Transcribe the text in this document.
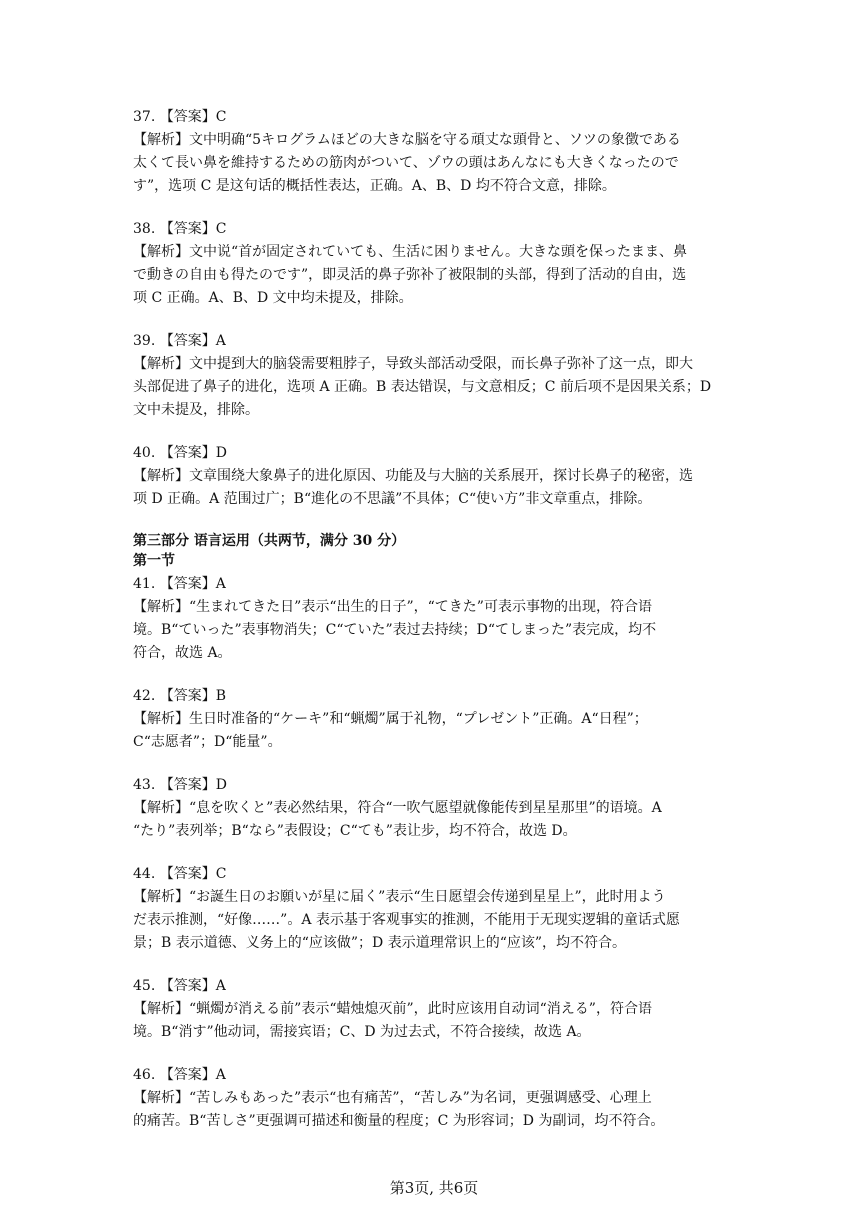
37. 【答案】C
【解析】文中明确“5キログラムほどの大きな脳を守る頑丈な頭骨と、ソツの象徴である
太くて長い鼻を維持するための筋肉がついて、ゾウの頭はあんなにも大きくなったので
す”，选项 C 是这句话的概括性表达，正确。A、B、D 均不符合文意，排除。
38. 【答案】C
【解析】文中说“首が固定されていても、生活に困りません。大きな頭を保ったまま、鼻
で動きの自由も得たのです”，即灵活的鼻子弥补了被限制的头部，得到了活动的自由，选
项 C 正确。A、B、D 文中均未提及，排除。
39. 【答案】A
【解析】文中提到大的脑袋需要粗脖子，导致头部活动受限，而长鼻子弥补了这一点，即大
头部促进了鼻子的进化，选项 A 正确。B 表达错误，与文意相反；C 前后项不是因果关系；D
文中未提及，排除。
40. 【答案】D
【解析】文章围绕大象鼻子的进化原因、功能及与大脑的关系展开，探讨长鼻子的秘密，选
项 D 正确。A 范围过广；B“進化の不思議”不具体；C“使い方”非文章重点，排除。
第三部分 语言运用（共两节，满分 30 分）
第一节
41. 【答案】A
【解析】“生まれてきた日”表示“出生的日子”，“てきた”可表示事物的出现，符合语
境。B“ていった”表事物消失；C“ていた”表过去持续；D“てしまった”表完成，均不
符合，故选 A。
42. 【答案】B
【解析】生日时准备的“ケーキ”和“蝋燭”属于礼物，“プレゼント”正确。A“日程”；
C“志愿者”；D“能量”。
43. 【答案】D
【解析】“息を吹くと”表必然结果，符合“一吹气愿望就像能传到星星那里”的语境。A
“たり”表列举；B“なら”表假设；C“ても”表让步，均不符合，故选 D。
44. 【答案】C
【解析】“お誕生日のお願いが星に届く”表示“生日愿望会传递到星星上”，此时用よう
だ表示推测，“好像……”。A 表示基于客观事实的推测，不能用于无现实逻辑的童话式愿
景；B 表示道德、义务上的“应该做”；D 表示道理常识上的“应该”，均不符合。
45. 【答案】A
【解析】“蝋燭が消える前”表示“蜡烛熄灭前”，此时应该用自动词“消える”，符合语
境。B“消す”他动词，需接宾语；C、D 为过去式，不符合接续，故选 A。
46. 【答案】A
【解析】“苦しみもあった”表示“也有痛苦”，“苦しみ”为名词，更强调感受、心理上
的痛苦。B“苦しさ”更强调可描述和衡量的程度；C 为形容词；D 为副词，均不符合。
第3页, 共6页
